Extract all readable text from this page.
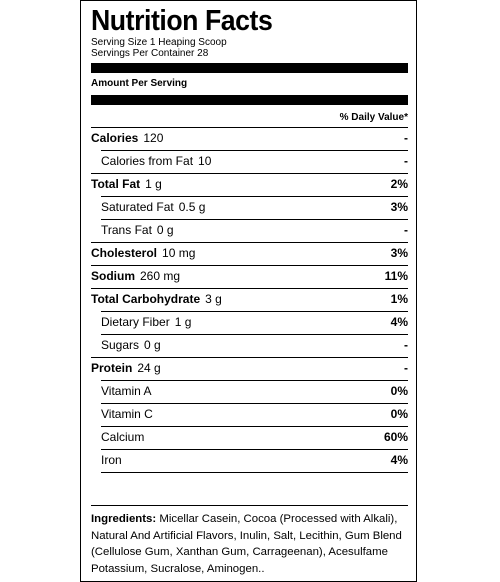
Nutrition Facts
Serving Size 1 Heaping Scoop
Servings Per Container 28
Amount Per Serving
% Daily Value*
Calories 120	-
Calories from Fat 10	-
Total Fat 1 g	2%
Saturated Fat 0.5 g	3%
Trans Fat 0 g	-
Cholesterol 10 mg	3%
Sodium 260 mg	11%
Total Carbohydrate 3 g	1%
Dietary Fiber 1 g	4%
Sugars 0 g	-
Protein 24 g	-
Vitamin A	0%
Vitamin C	0%
Calcium	60%
Iron	4%
Ingredients: Micellar Casein, Cocoa (Processed with Alkali), Natural And Artificial Flavors, Inulin, Salt, Lecithin, Gum Blend (Cellulose Gum, Xanthan Gum, Carrageenan), Acesulfame Potassium, Sucralose, Aminogen..
